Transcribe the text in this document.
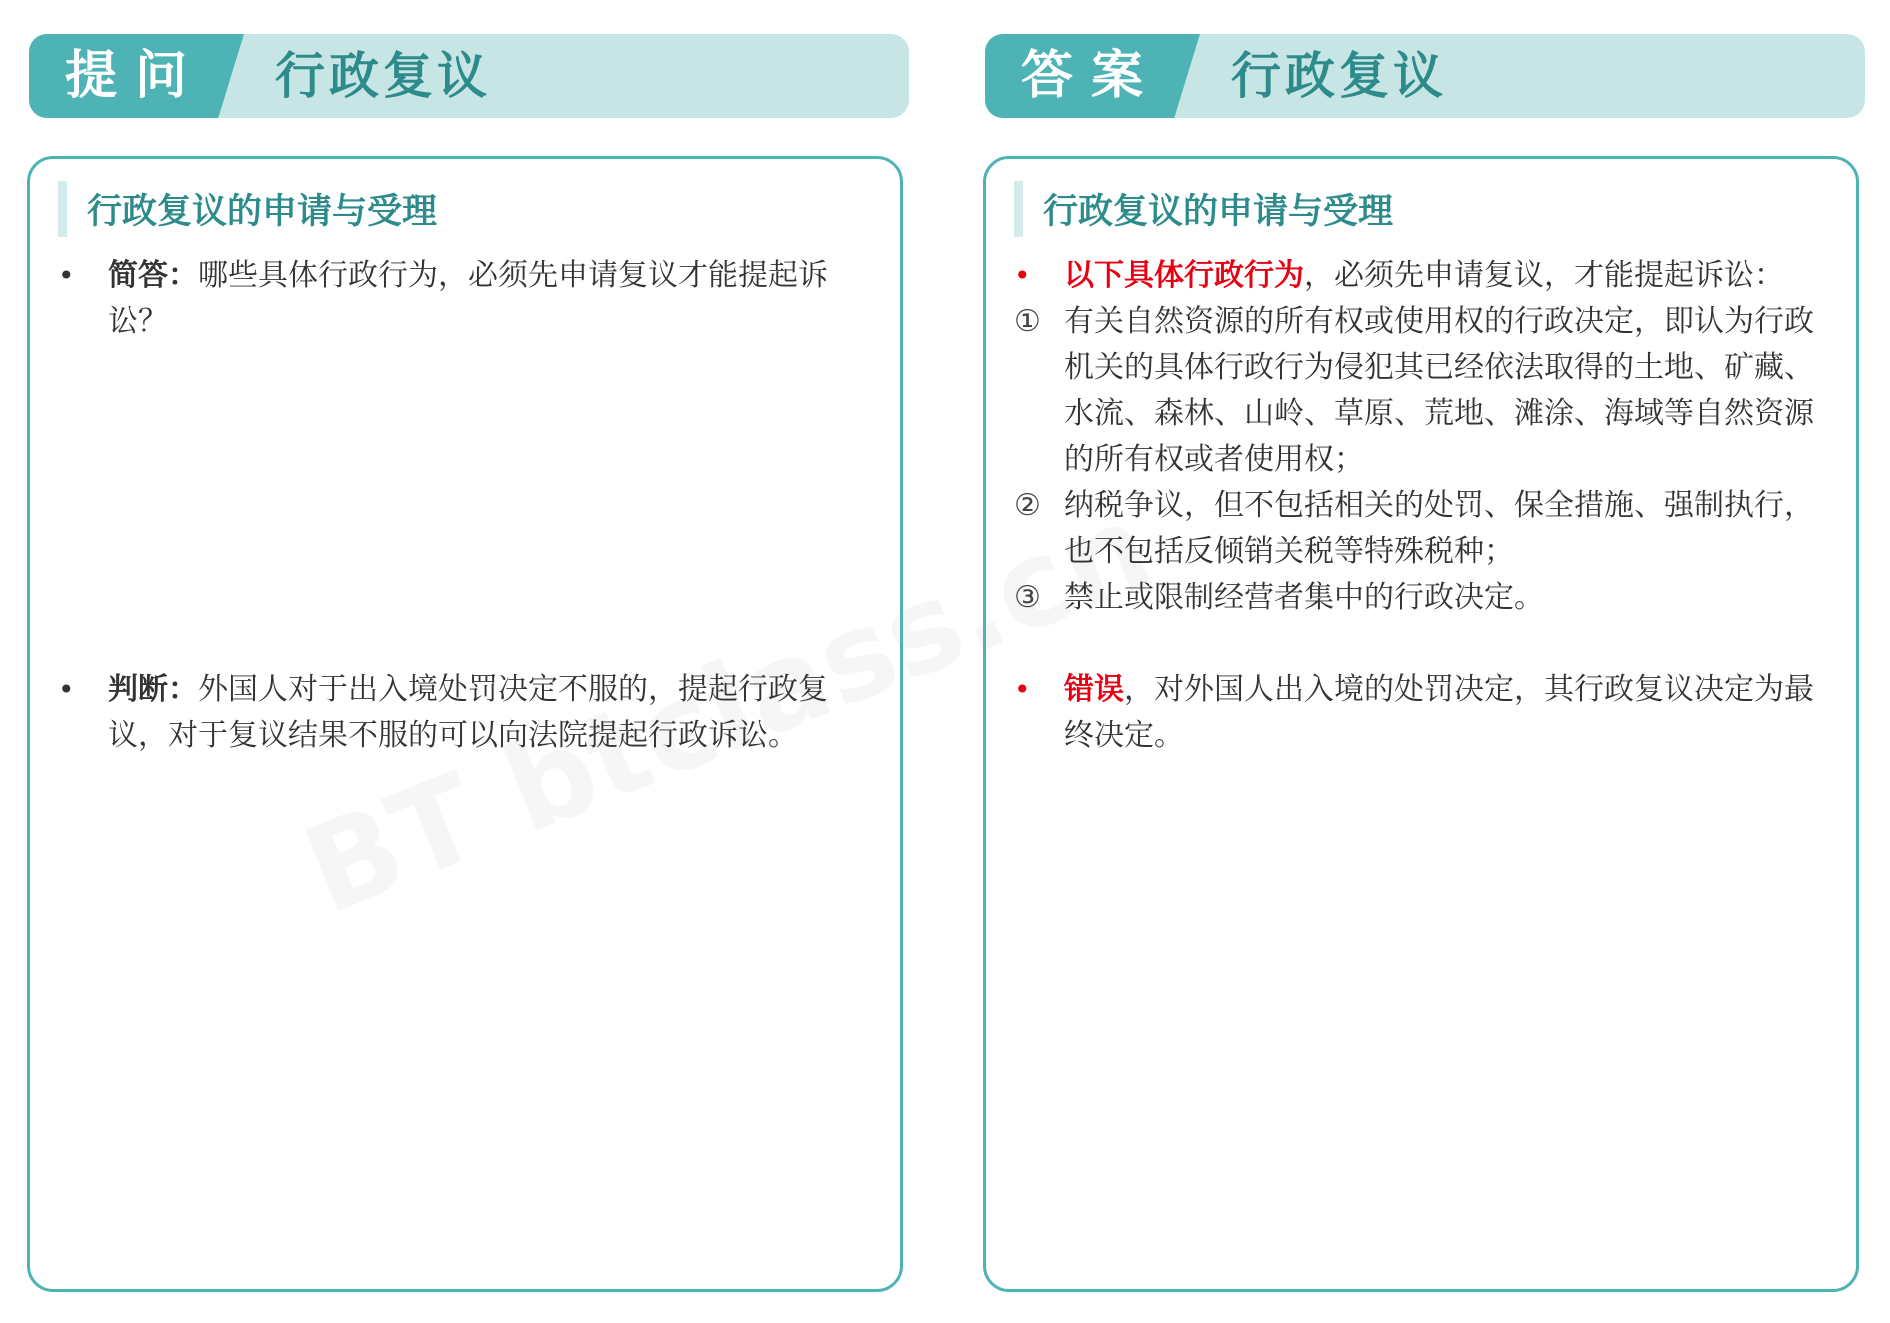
提问 行政复议	答案 行政复议
行政复议的申请与受理
•	简答：哪些具体行政行为，必须先申请复议才能提起诉讼？
•	判断：外国人对于出入境处罚决定不服的，提起行政复议，对于复议结果不服的可以向法院提起行政诉讼。
行政复议的申请与受理
•	以下具体行政行为，必须先申请复议，才能提起诉讼：
① 有关自然资源的所有权或使用权的行政决定，即认为行政机关的具体行政行为侵犯其已经依法取得的土地、矿藏、水流、森林、山岭、草原、荒地、滩涂、海域等自然资源的所有权或者使用权；
② 纳税争议，但不包括相关的处罚、保全措施、强制执行，也不包括反倾销关税等特殊税种；
③ 禁止或限制经营者集中的行政决定。
•	错误，对外国人出入境的处罚决定，其行政复议决定为最终决定。
